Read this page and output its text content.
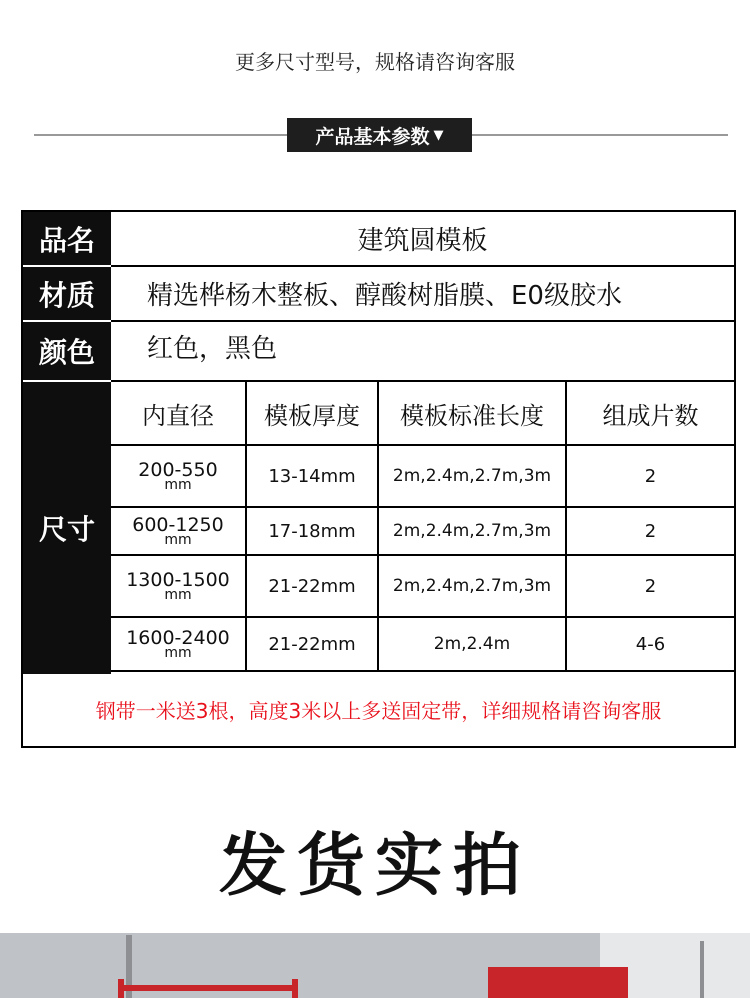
更多尺寸型号，规格请咨询客服
产品基本参数 ▼
品名	建筑圆模板
材质	精选桦杨木整板、醇酸树脂膜、E0级胶水
颜色	红色，黑色
尺寸
内直径 模板厚度 模板标准长度 组成片数
200-550
mm	13-14mm 2m,2.4m,2.7m,3m	2
600-1250
mm	17-18mm 2m,2.4m,2.7m,3m	2
1300-1500
mm	21-22mm 2m,2.4m,2.7m,3m	2
1600-2400
mm	21-22mm	2m,2.4m	4-6
钢带一米送3根，高度3米以上多送固定带，详细规格请咨询客服
发货实拍
